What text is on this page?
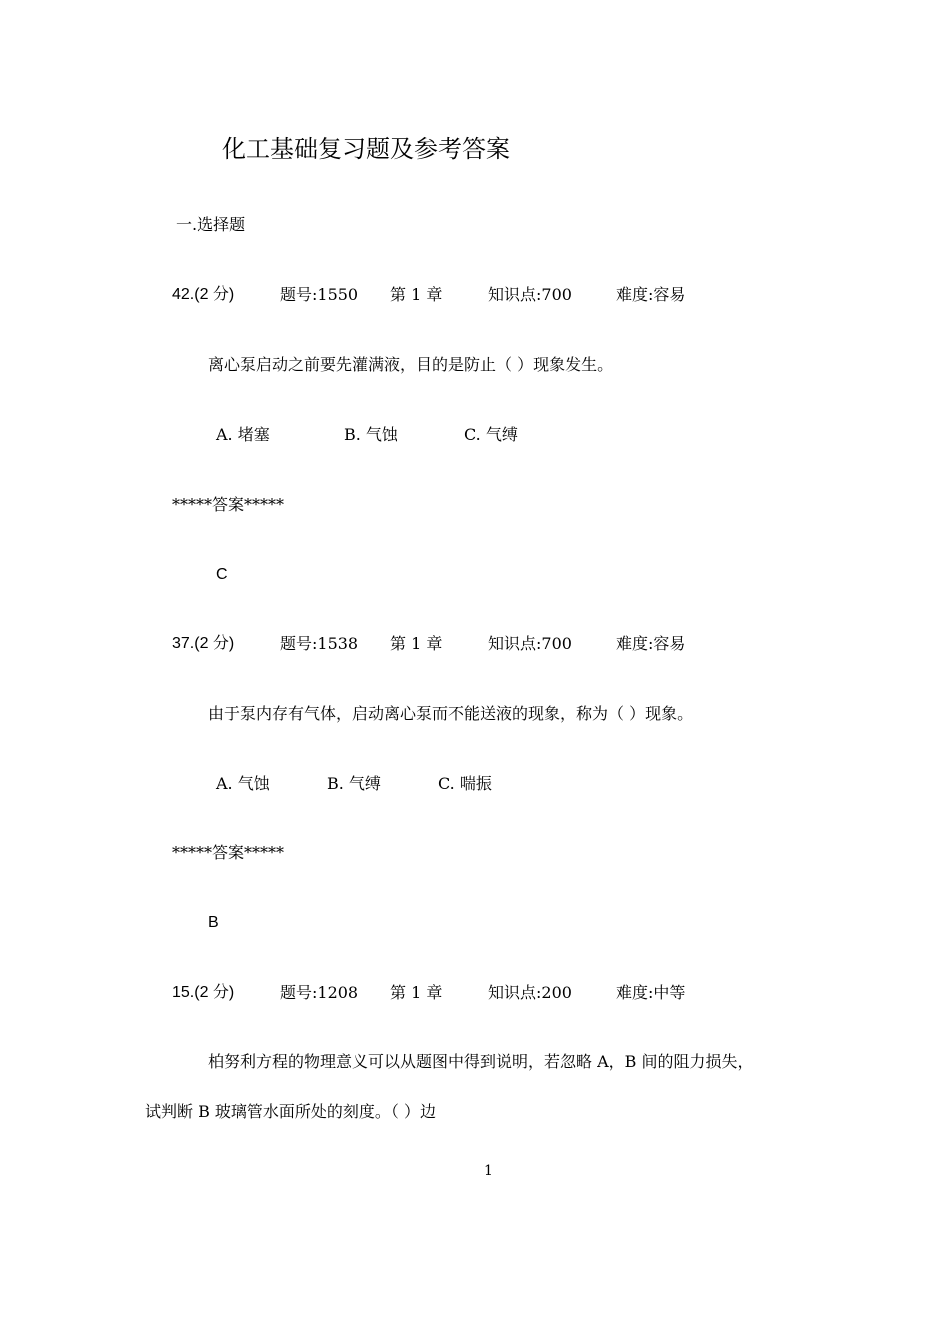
化工基础复习题及参考答案
一.选择题
42.(2 分)	题号:1550 第 1 章	知识点:700	难度:容易
离心泵启动之前要先灌满液，目的是防止（ ）现象发生。
A. 堵塞	B. 气蚀	C. 气缚
*****答案*****
C
37.(2 分)	题号:1538 第 1 章	知识点:700	难度:容易
由于泵内存有气体，启动离心泵而不能送液的现象，称为（ ）现象。
A. 气蚀	B. 气缚	C. 喘振
*****答案*****
B
15.(2 分)	题号:1208 第 1 章	知识点:200	难度:中等
柏努利方程的物理意义可以从题图中得到说明，若忽略 A，B 间的阻力损失，
试判断 B 玻璃管水面所处的刻度。（ ）边
1
